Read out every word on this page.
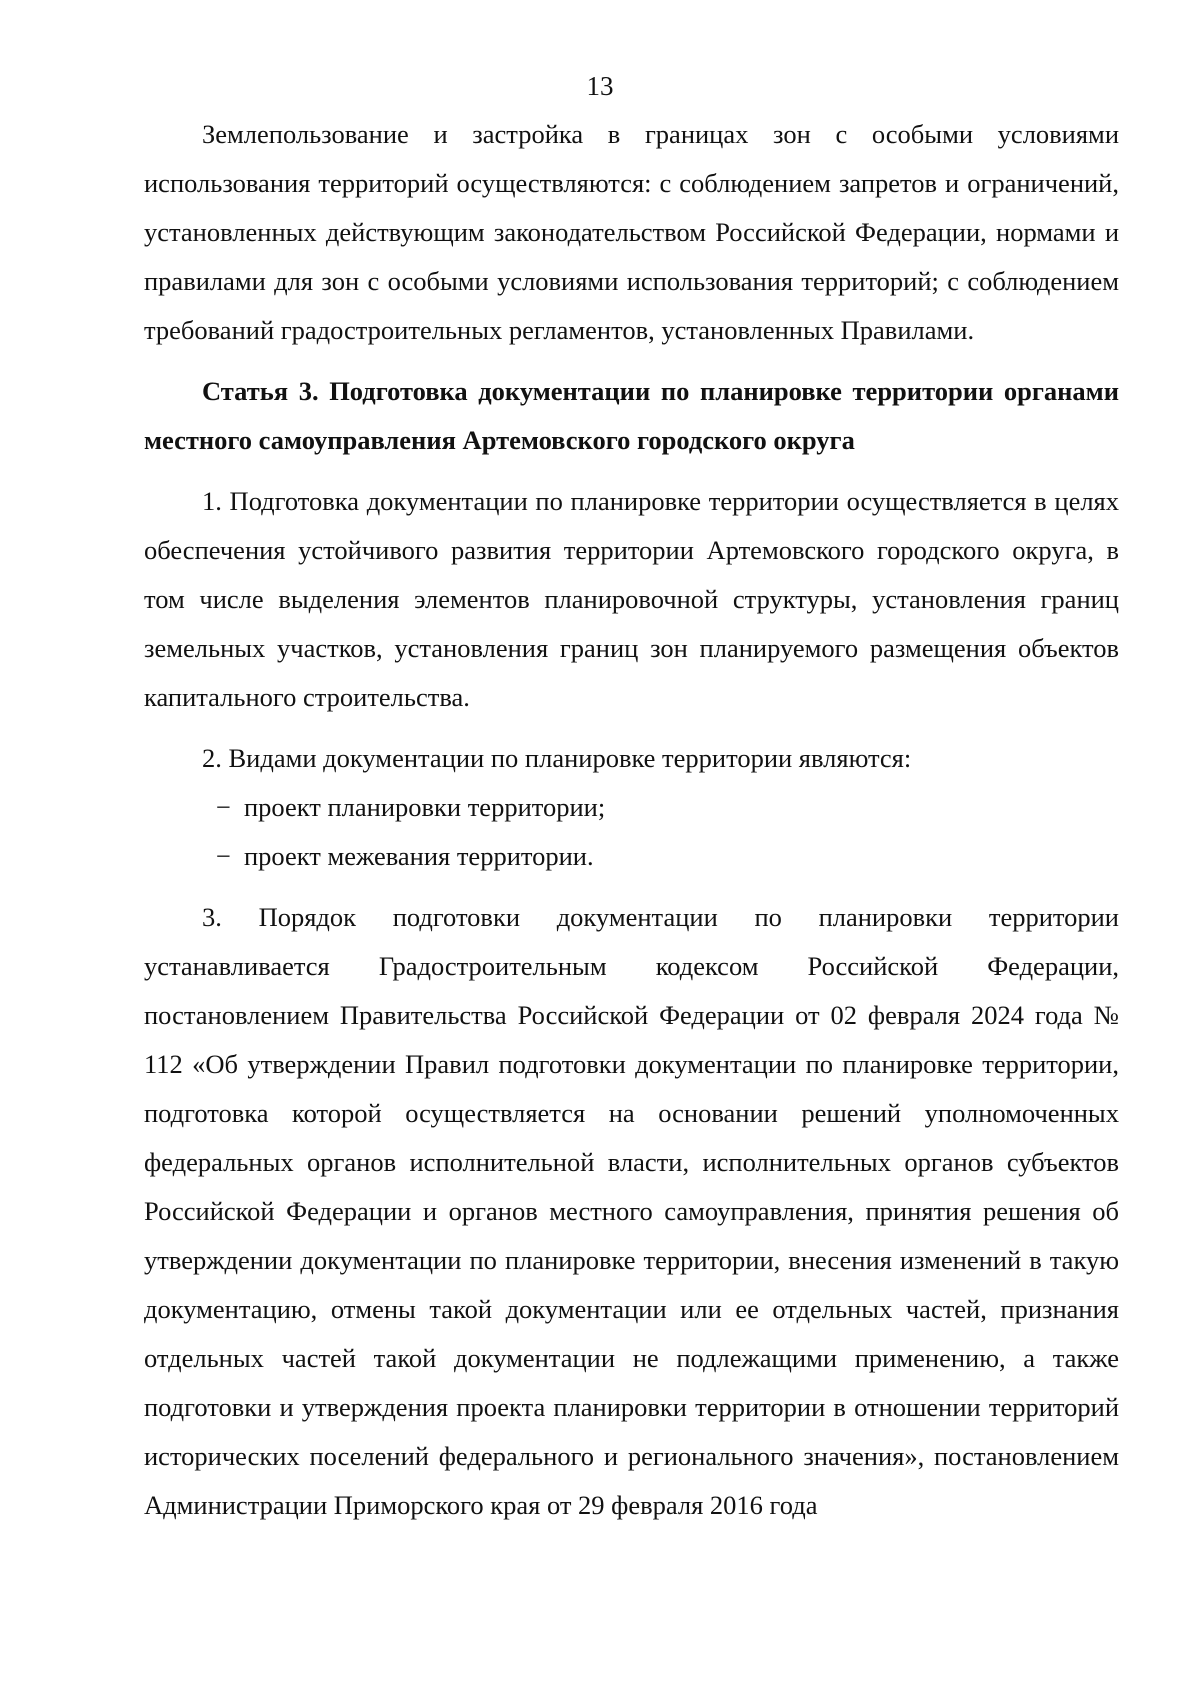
13

Землепользование и застройка в границах зон с особыми условиями использования территорий осуществляются: с соблюдением запретов и ограничений, установленных действующим законодательством Российской Федерации, нормами и правилами для зон с особыми условиями использования территорий; с соблюдением требований градостроительных регламентов, установленных Правилами.

Статья 3. Подготовка документации по планировке территории органами местного самоуправления Артемовского городского округа

1. Подготовка документации по планировке территории осуществляется в целях обеспечения устойчивого развития территории Артемовского городского округа, в том числе выделения элементов планировочной структуры, установления границ земельных участков, установления границ зон планируемого размещения объектов капитального строительства.

2. Видами документации по планировке территории являются:

− проект планировки территории;

− проект межевания территории.

3. Порядок подготовки документации по планировки территории устанавливается Градостроительным кодексом Российской Федерации, постановлением Правительства Российской Федерации от 02 февраля 2024 года № 112 «Об утверждении Правил подготовки документации по планировке территории, подготовка которой осуществляется на основании решений уполномоченных федеральных органов исполнительной власти, исполнительных органов субъектов Российской Федерации и органов местного самоуправления, принятия решения об утверждении документации по планировке территории, внесения изменений в такую документацию, отмены такой документации или ее отдельных частей, признания отдельных частей такой документации не подлежащими применению, а также подготовки и утверждения проекта планировки территории в отношении территорий исторических поселений федерального и регионального значения», постановлением Администрации Приморского края от 29 февраля 2016 года
